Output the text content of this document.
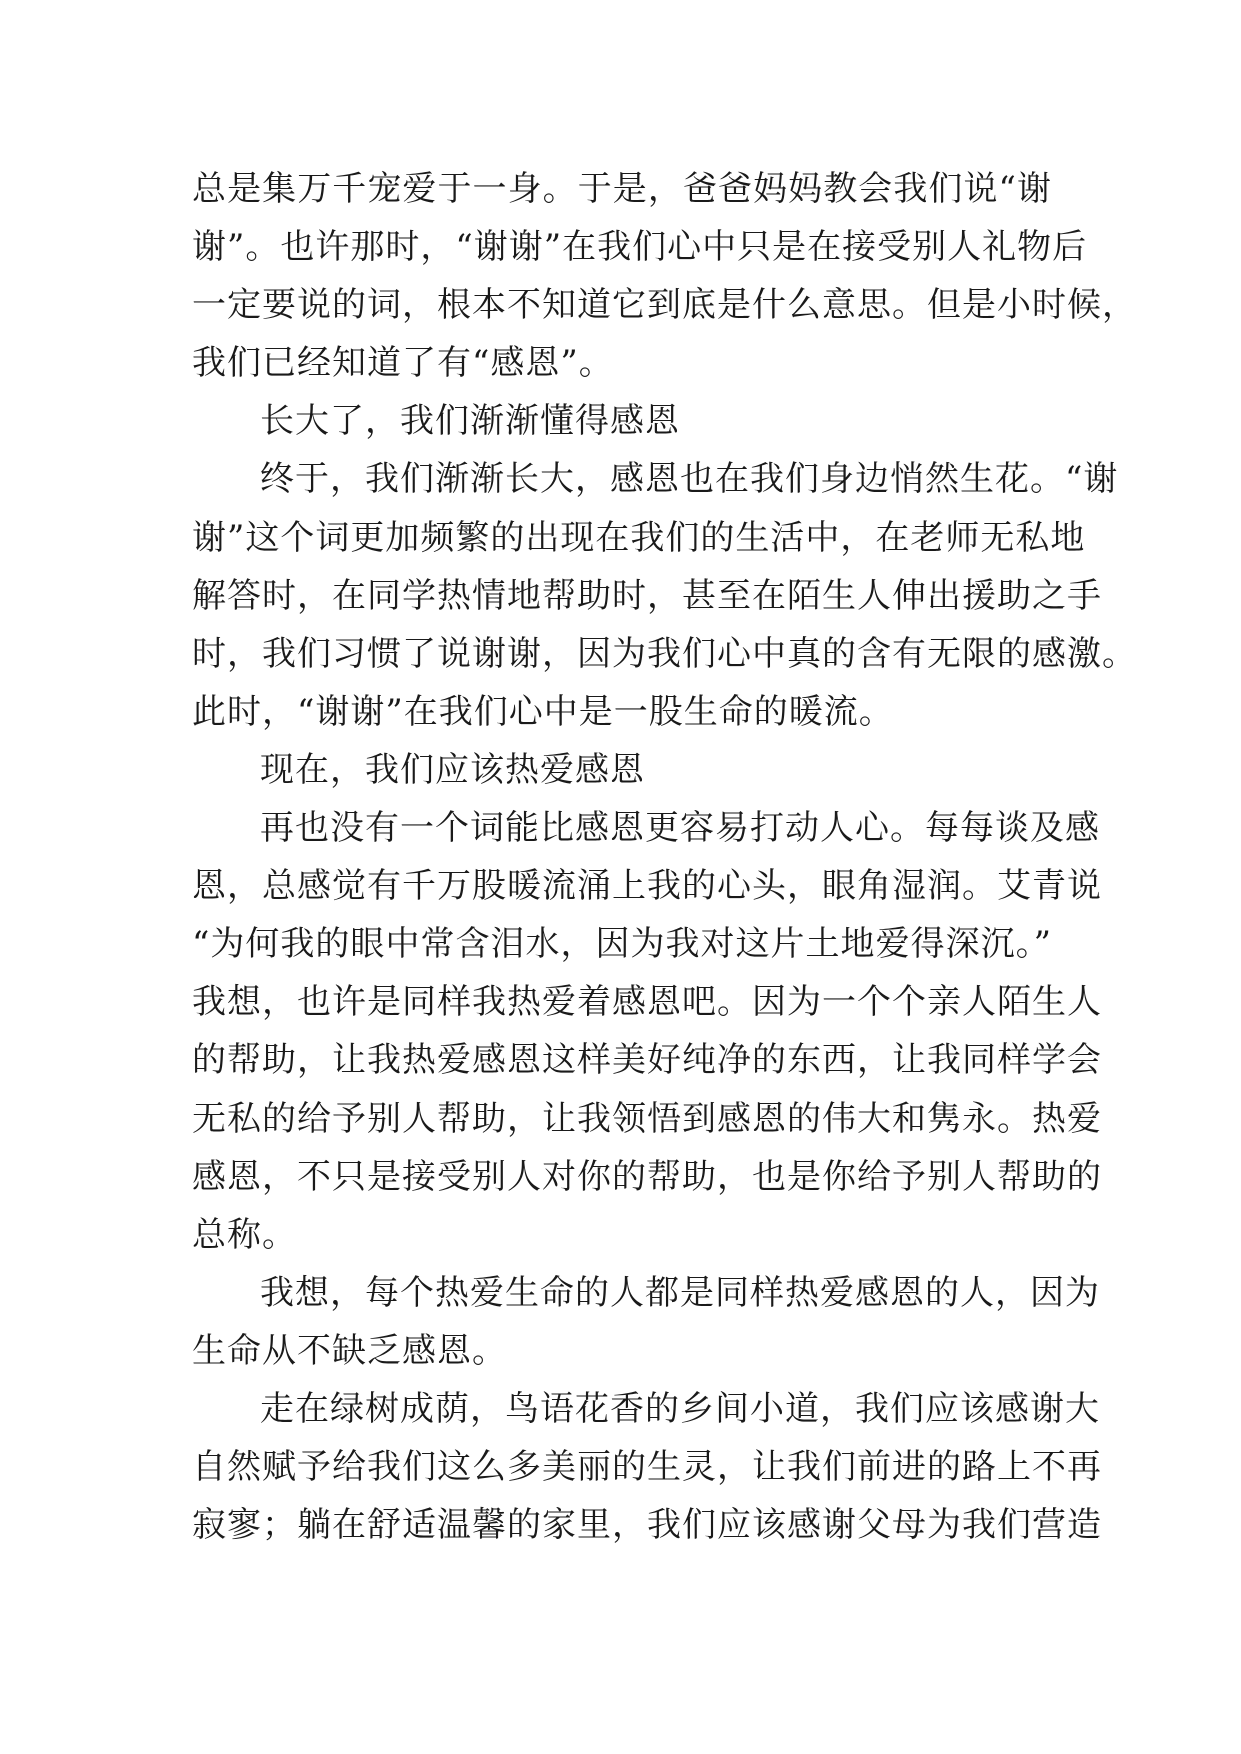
总是集万千宠爱于一身。于是，爸爸妈妈教会我们说“谢
谢”。也许那时，“谢谢”在我们心中只是在接受别人礼物后
一定要说的词，根本不知道它到底是什么意思。但是小时候，
我们已经知道了有“感恩”。
长大了，我们渐渐懂得感恩
终于，我们渐渐长大，感恩也在我们身边悄然生花。“谢
谢”这个词更加频繁的出现在我们的生活中，在老师无私地
解答时，在同学热情地帮助时，甚至在陌生人伸出援助之手
时，我们习惯了说谢谢，因为我们心中真的含有无限的感激。
此时，“谢谢”在我们心中是一股生命的暖流。
现在，我们应该热爱感恩
再也没有一个词能比感恩更容易打动人心。每每谈及感
恩，总感觉有千万股暖流涌上我的心头，眼角湿润。艾青说
“为何我的眼中常含泪水，因为我对这片土地爱得深沉。”
我想，也许是同样我热爱着感恩吧。因为一个个亲人陌生人
的帮助，让我热爱感恩这样美好纯净的东西，让我同样学会
无私的给予别人帮助，让我领悟到感恩的伟大和隽永。热爱
感恩，不只是接受别人对你的帮助，也是你给予别人帮助的
总称。
我想，每个热爱生命的人都是同样热爱感恩的人，因为
生命从不缺乏感恩。
走在绿树成荫，鸟语花香的乡间小道，我们应该感谢大
自然赋予给我们这么多美丽的生灵，让我们前进的路上不再
寂寥；躺在舒适温馨的家里，我们应该感谢父母为我们营造
